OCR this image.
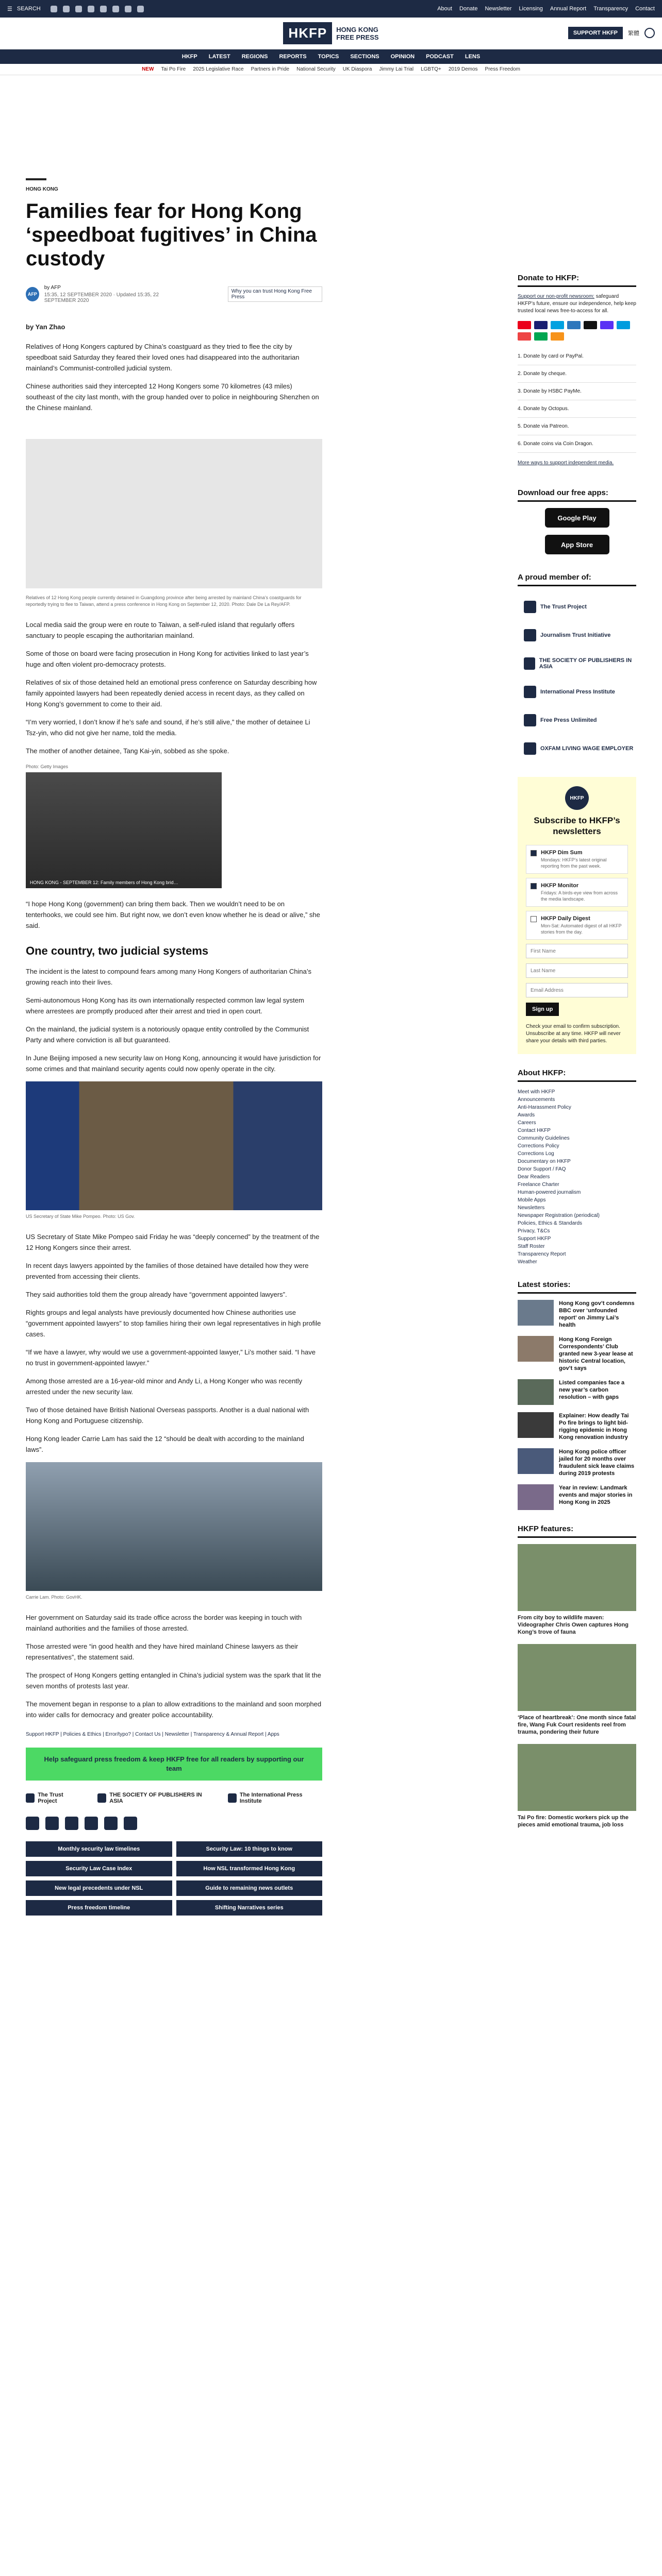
☰ SEARCH	About Donate Newsletter Licensing Annual Report Transparency Contact
HKFP	HONG KONG
FREE PRESS
SUPPORT HKFP	繁體
HKFP LATEST REGIONS REPORTS TOPICS SECTIONS OPINION PODCAST LENS
NEW Tai Po Fire 2025 Legislative Race Partners in Pride National Security UK Diaspora Jimmy Lai Trial LGBTQ+ 2019 Demos Press Freedom
HONG KONG
Families fear for Hong Kong ‘speedboat fugitives’ in China custody
AFP
by AFP
15:35, 12 SEPTEMBER 2020 · Updated 15:35, 22 SEPTEMBER 2020
Why you can trust Hong Kong Free Press
by Yan Zhao

Relatives of Hong Kongers captured by China’s coastguard as they tried to flee the city by speedboat said Saturday they feared their loved ones had disappeared into the authoritarian mainland’s Communist-controlled judicial system.

Chinese authorities said they intercepted 12 Hong Kongers some 70 kilometres (43 miles) southeast of the city last month, with the group handed over to police in neighbouring Shenzhen on the Chinese mainland.

Relatives of 12 Hong Kong people currently detained in Guangdong province after being arrested by mainland China’s coastguards for reportedly trying to flee to Taiwan, attend a press conference in Hong Kong on September 12, 2020. Photo: Dale De La Rey/AFP.

Local media said the group were en route to Taiwan, a self-ruled island that regularly offers sanctuary to people escaping the authoritarian mainland.

Some of those on board were facing prosecution in Hong Kong for activities linked to last year’s huge and often violent pro-democracy protests.

Relatives of six of those detained held an emotional press conference on Saturday describing how family appointed lawyers had been repeatedly denied access in recent days, as they called on Hong Kong’s government to come to their aid.

“I’m very worried, I don’t know if he’s safe and sound, if he’s still alive,” the mother of detainee Li Tsz-yin, who did not give her name, told the media.

The mother of another detainee, Tang Kai-yin, sobbed as she spoke.

Photo: Getty Images
HONG KONG - SEPTEMBER 12: Family members of Hong Kong brid…

“I hope Hong Kong (government) can bring them back. Then we wouldn’t need to be on tenterhooks, we could see him. But right now, we don’t even know whether he is dead or alive,” she said.

One country, two judicial systems

The incident is the latest to compound fears among many Hong Kongers of authoritarian China’s growing reach into their lives.

Semi-autonomous Hong Kong has its own internationally respected common law legal system where arrestees are promptly produced after their arrest and tried in open court.

On the mainland, the judicial system is a notoriously opaque entity controlled by the Communist Party and where conviction is all but guaranteed.

In June Beijing imposed a new security law on Hong Kong, announcing it would have jurisdiction for some crimes and that mainland security agents could now openly operate in the city.

US Secretary of State Mike Pompeo. Photo: US Gov.

US Secretary of State Mike Pompeo said Friday he was “deeply concerned” by the treatment of the 12 Hong Kongers since their arrest.

In recent days lawyers appointed by the families of those detained have detailed how they were prevented from accessing their clients.

They said authorities told them the group already have “government appointed lawyers”.

Rights groups and legal analysts have previously documented how Chinese authorities use “government appointed lawyers” to stop families hiring their own legal representatives in high profile cases.

“If we have a lawyer, why would we use a government-appointed lawyer,” Li’s mother said. “I have no trust in government-appointed lawyer.”

Among those arrested are a 16-year-old minor and Andy Li, a Hong Konger who was recently arrested under the new security law.

Two of those detained have British National Overseas passports. Another is a dual national with Hong Kong and Portuguese citizenship.

Hong Kong leader Carrie Lam has said the 12 “should be dealt with according to the mainland laws”.

Carrie Lam. Photo: GovHK.

Her government on Saturday said its trade office across the border was keeping in touch with mainland authorities and the families of those arrested.

Those arrested were “in good health and they have hired mainland Chinese lawyers as their representatives”, the statement said.

The prospect of Hong Kongers getting entangled in China’s judicial system was the spark that lit the seven months of protests last year.

The movement began in response to a plan to allow extraditions to the mainland and soon morphed into wider calls for democracy and greater police accountability.

Support HKFP | Policies & Ethics | Error/typo? | Contact Us | Newsletter | Transparency & Annual Report | Apps
Help safeguard press freedom & keep HKFP free for all readers by supporting our team
The Trust Project
THE SOCIETY OF PUBLISHERS IN ASIA
The International Press Institute
Monthly security law timelines	Security Law: 10 things to know
Security Law Case Index	How NSL transformed Hong Kong
New legal precedents under NSL	Guide to remaining news outlets
Press freedom timeline	Shifting Narratives series
Donate to HKFP:
Support our non-profit newsroom: safeguard HKFP’s future, ensure our independence, help keep trusted local news free-to-access for all.
1. Donate by card or PayPal.
2. Donate by cheque.
3. Donate by HSBC PayMe.
4. Donate by Octopus.
5. Donate via Patreon.
6. Donate coins via Coin Dragon.
More ways to support independent media.
Download our free apps:
Google Play
App Store
A proud member of:
The Trust Project
Journalism Trust Initiative
THE SOCIETY OF PUBLISHERS IN ASIA
International Press Institute
Free Press Unlimited
OXFAM LIVING WAGE EMPLOYER
HKFP
Subscribe to HKFP’s newsletters
HKFP Dim Sum
Mondays: HKFP’s latest original reporting from the past week.
HKFP Monitor
Fridays: A birds-eye view from across the media landscape.
HKFP Daily Digest
Mon-Sat: Automated digest of all HKFP stories from the day.
First Name Last Name Email Address Sign up
Check your email to confirm subscription. Unsubscribe at any time. HKFP will never share your details with third parties.
About HKFP:
Meet with HKFP
Announcements
Anti-Harassment Policy
Awards
Careers
Contact HKFP
Community Guidelines
Corrections Policy
Corrections Log
Documentary on HKFP
Donor Support / FAQ
Dear Readers
Freelance Charter
Human-powered journalism
Mobile Apps
Newsletters
Newspaper Registration (periodical)
Policies, Ethics & Standards
Privacy, T&Cs
Support HKFP
Staff Roster
Transparency Report
Weather
Latest stories:
Hong Kong gov’t condemns BBC over ‘unfounded report’ on Jimmy Lai’s health
Hong Kong Foreign Correspondents’ Club granted new 3-year lease at historic Central location, gov’t says
Listed companies face a new year’s carbon resolution – with gaps
Explainer: How deadly Tai Po fire brings to light bid-rigging epidemic in Hong Kong renovation industry
Hong Kong police officer jailed for 20 months over fraudulent sick leave claims during 2019 protests
Year in review: Landmark events and major stories in Hong Kong in 2025
HKFP features:
From city boy to wildlife maven: Videographer Chris Owen captures Hong Kong’s trove of fauna
‘Place of heartbreak’: One month since fatal fire, Wang Fuk Court residents reel from trauma, pondering their future
Tai Po fire: Domestic workers pick up the pieces amid emotional trauma, job loss
